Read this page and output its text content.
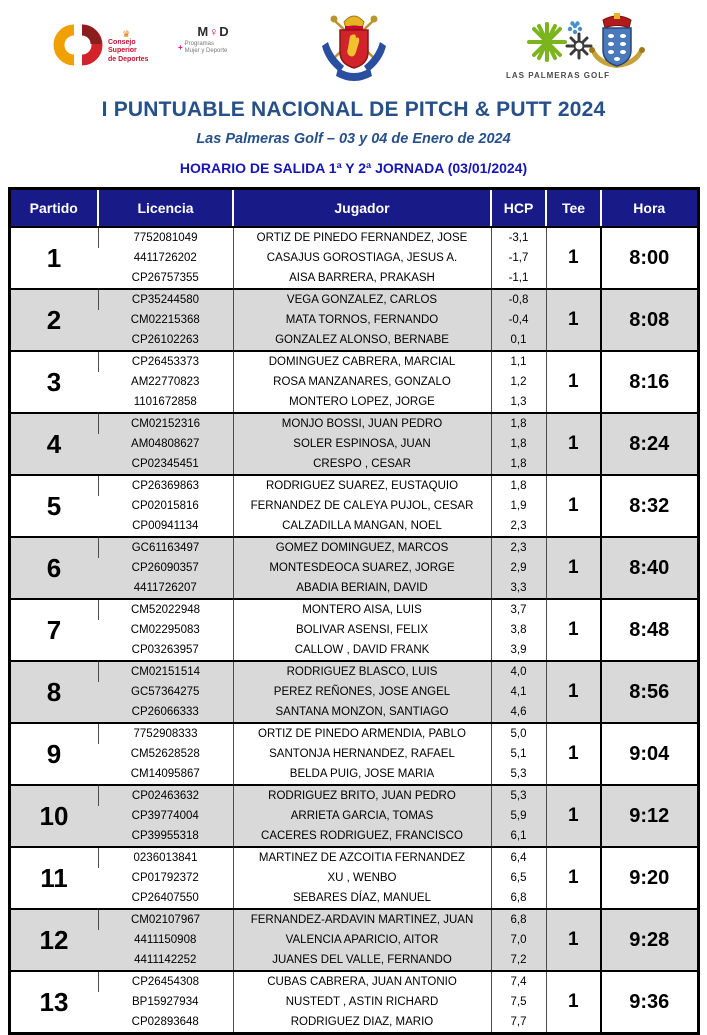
♛
Consejo
Superior
de Deportes
M ♀ D
+ Programas
Mujer y Deporte
LAS PALMERAS GOLF
I PUNTUABLE NACIONAL DE PITCH & PUTT 2024
Las Palmeras Golf – 03 y 04 de Enero de 2024
HORARIO DE SALIDA 1ª Y 2ª JORNADA (03/01/2024)
Partido	Licencia	Jugador	HCP	Tee	Hora
1	7752081049	ORTIZ DE PINEDO FERNANDEZ, JOSE	-3,1	1	8:00
	4411726202	CASAJUS GOROSTIAGA, JESUS A.	-1,7		
	CP26757355	AISA BARRERA, PRAKASH	-1,1		
2	CP35244580	VEGA GONZALEZ, CARLOS	-0,8	1	8:08
	CM02215368	MATA TORNOS, FERNANDO	-0,4		
	CP26102263	GONZALEZ ALONSO, BERNABE	0,1		
3	CP26453373	DOMINGUEZ CABRERA, MARCIAL	1,1	1	8:16
	AM22770823	ROSA MANZANARES, GONZALO	1,2		
	1101672858	MONTERO LOPEZ, JORGE	1,3		
4	CM02152316	MONJO BOSSI, JUAN PEDRO	1,8	1	8:24
	AM04808627	SOLER ESPINOSA, JUAN	1,8		
	CP02345451	CRESPO , CESAR	1,8		
5	CP26369863	RODRIGUEZ SUAREZ, EUSTAQUIO	1,8	1	8:32
	CP02015816	FERNANDEZ DE CALEYA PUJOL, CESAR	1,9		
	CP00941134	CALZADILLA MANGAN, NOEL	2,3		
6	GC61163497	GOMEZ DOMINGUEZ, MARCOS	2,3	1	8:40
	CP26090357	MONTESDEOCA SUAREZ, JORGE	2,9		
	4411726207	ABADIA BERIAIN, DAVID	3,3		
7	CM52022948	MONTERO AISA, LUIS	3,7	1	8:48
	CM02295083	BOLIVAR ASENSI, FELIX	3,8		
	CP03263957	CALLOW , DAVID FRANK	3,9		
8	CM02151514	RODRIGUEZ BLASCO, LUIS	4,0	1	8:56
	GC57364275	PEREZ REÑONES, JOSE ANGEL	4,1		
	CP26066333	SANTANA MONZON, SANTIAGO	4,6		
9	7752908333	ORTIZ DE PINEDO ARMENDIA, PABLO	5,0	1	9:04
	CM52628528	SANTONJA HERNANDEZ, RAFAEL	5,1		
	CM14095867	BELDA PUIG, JOSE MARIA	5,3		
10	CP02463632	RODRIGUEZ BRITO, JUAN PEDRO	5,3	1	9:12
	CP39774004	ARRIETA GARCIA, TOMAS	5,9		
	CP39955318	CACERES RODRIGUEZ, FRANCISCO	6,1		
11	0236013841	MARTINEZ DE AZCOITIA FERNANDEZ	6,4	1	9:20
	CP01792372	XU , WENBO	6,5		
	CP26407550	SEBARES DÍAZ, MANUEL	6,8		
12	CM02107967	FERNANDEZ-ARDAVIN MARTINEZ, JUAN	6,8	1	9:28
	4411150908	VALENCIA APARICIO, AITOR	7,0		
	4411142252	JUANES DEL VALLE, FERNANDO	7,2		
13	CP26454308	CUBAS CABRERA, JUAN ANTONIO	7,4	1	9:36
	BP15927934	NUSTEDT , ASTIN RICHARD	7,5		
	CP02893648	RODRIGUEZ DIAZ, MARIO	7,7		
